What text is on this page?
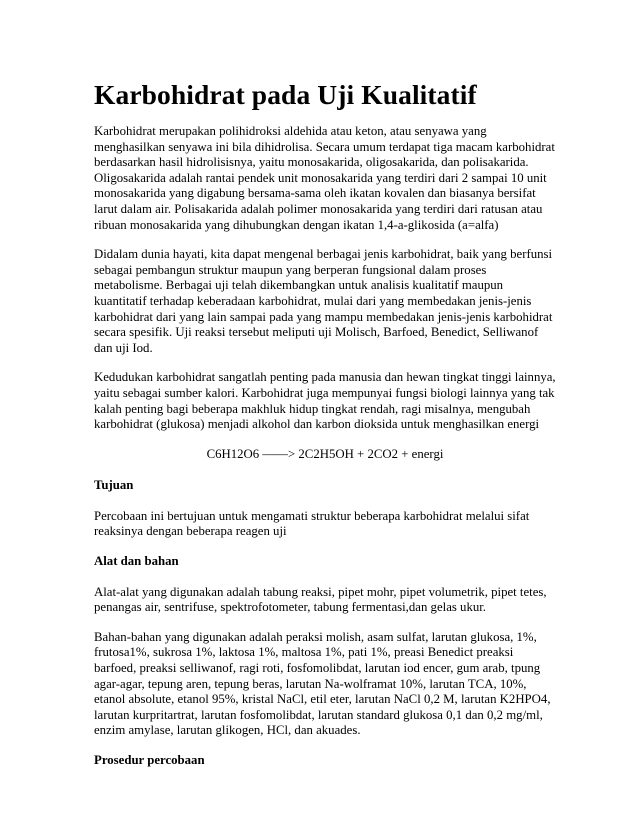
Karbohidrat pada Uji Kualitatif

Karbohidrat merupakan polihidroksi aldehida atau keton, atau senyawa yang menghasilkan senyawa ini bila dihidrolisa. Secara umum terdapat tiga macam karbohidrat berdasarkan hasil hidrolisisnya, yaitu monosakarida, oligosakarida, dan polisakarida. Oligosakarida adalah rantai pendek unit monosakarida yang terdiri dari 2 sampai 10 unit monosakarida yang digabung bersama-sama oleh ikatan kovalen dan biasanya bersifat larut dalam air. Polisakarida adalah polimer monosakarida yang terdiri dari ratusan atau ribuan monosakarida yang dihubungkan dengan ikatan 1,4-a-glikosida (a=alfa)

Didalam dunia hayati, kita dapat mengenal berbagai jenis karbohidrat, baik yang berfunsi sebagai pembangun struktur maupun yang berperan fungsional dalam proses metabolisme. Berbagai uji telah dikembangkan untuk analisis kualitatif maupun kuantitatif terhadap keberadaan karbohidrat, mulai dari yang membedakan jenis-jenis karbohidrat dari yang lain sampai pada yang mampu membedakan jenis-jenis karbohidrat secara spesifik. Uji reaksi tersebut meliputi uji Molisch, Barfoed, Benedict, Selliwanof dan uji Iod.

Kedudukan karbohidrat sangatlah penting pada manusia dan hewan tingkat tinggi lainnya, yaitu sebagai sumber kalori. Karbohidrat juga mempunyai fungsi biologi lainnya yang tak kalah penting bagi beberapa makhluk hidup tingkat rendah, ragi misalnya, mengubah karbohidrat (glukosa) menjadi alkohol dan karbon dioksida untuk menghasilkan energi

C6H12O6 ——> 2C2H5OH + 2CO2 + energi

Tujuan

Percobaan ini bertujuan untuk mengamati struktur beberapa karbohidrat melalui sifat reaksinya dengan beberapa reagen uji

Alat dan bahan

Alat-alat yang digunakan adalah tabung reaksi, pipet mohr, pipet volumetrik, pipet tetes, penangas air, sentrifuse, spektrofotometer, tabung fermentasi,dan gelas ukur.

Bahan-bahan yang digunakan adalah peraksi molish, asam sulfat, larutan glukosa, 1%, frutosa1%, sukrosa 1%, laktosa 1%, maltosa 1%, pati 1%, preasi Benedict preaksi barfoed, preaksi selliwanof, ragi roti, fosfomolibdat, larutan iod encer, gum arab, tpung agar-agar, tepung aren, tepung beras, larutan Na-wolframat 10%, larutan TCA, 10%, etanol absolute, etanol 95%, kristal NaCl, etil eter, larutan NaCl 0,2 M, larutan K2HPO4, larutan kurpritartrat, larutan fosfomolibdat, larutan standard glukosa 0,1 dan 0,2 mg/ml, enzim amylase, larutan glikogen, HCl, dan akuades.

Prosedur percobaan
